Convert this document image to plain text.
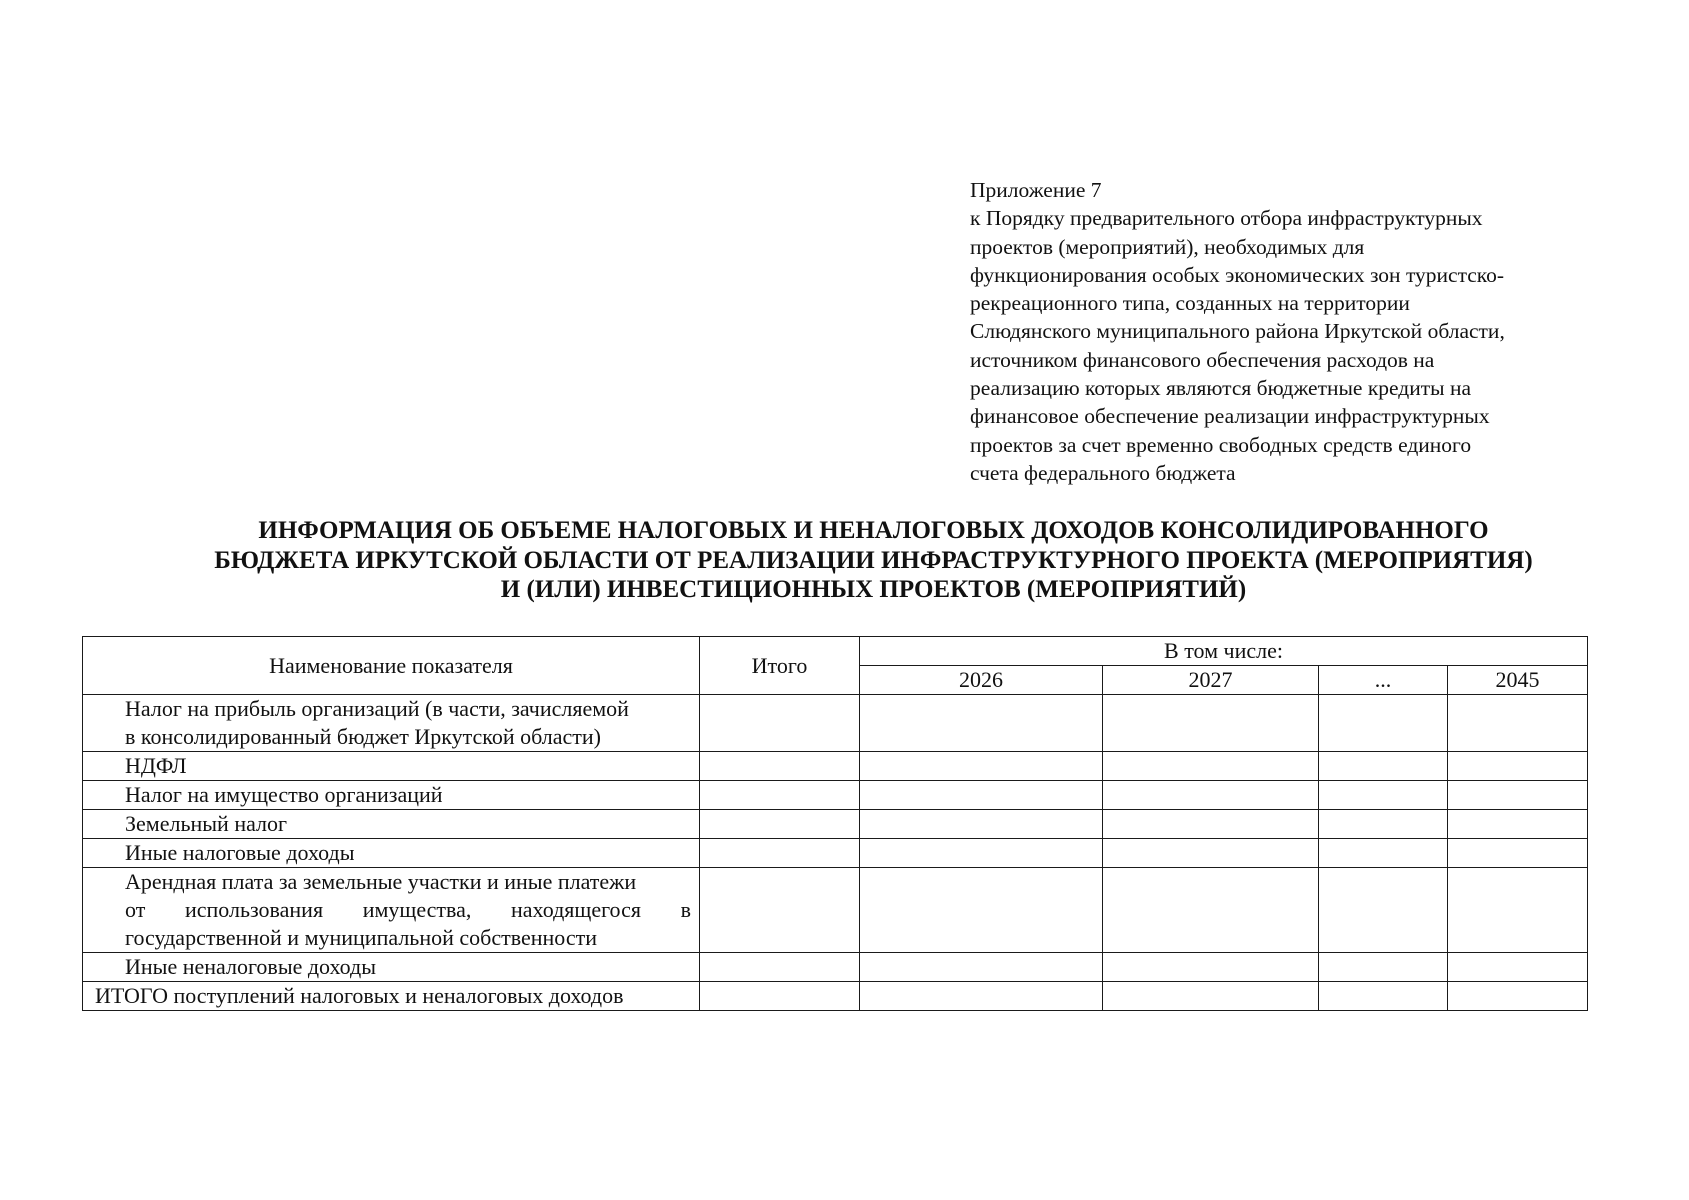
Приложение 7
к Порядку предварительного отбора инфраструктурных
проектов (мероприятий), необходимых для
функционирования особых экономических зон туристско-
рекреационного типа, созданных на территории
Слюдянского муниципального района Иркутской области,
источником финансового обеспечения расходов на
реализацию которых являются бюджетные кредиты на
финансовое обеспечение реализации инфраструктурных
проектов за счет временно свободных средств единого
счета федерального бюджета
ИНФОРМАЦИЯ ОБ ОБЪЕМЕ НАЛОГОВЫХ И НЕНАЛОГОВЫХ ДОХОДОВ КОНСОЛИДИРОВАННОГО
БЮДЖЕТА ИРКУТСКОЙ ОБЛАСТИ ОТ РЕАЛИЗАЦИИ ИНФРАСТРУКТУРНОГО ПРОЕКТА (МЕРОПРИЯТИЯ)
И (ИЛИ) ИНВЕСТИЦИОННЫХ ПРОЕКТОВ (МЕРОПРИЯТИЙ)
Наименование показателя	Итого	В том числе:			
		2026	2027	...	2045

Налог на прибыль организаций (в части, зачисляемой
в консолидированный бюджет Иркутской области)					

НДФЛ					
Налог на имущество организаций					
Земельный налог					
Иные налоговые доходы					

Арендная плата за земельные участки и иные платежи
от использования имущества, находящегося в
государственной и муниципальной собственности					

Иные неналоговые доходы					
ИТОГО поступлений налоговых и неналоговых доходов					
